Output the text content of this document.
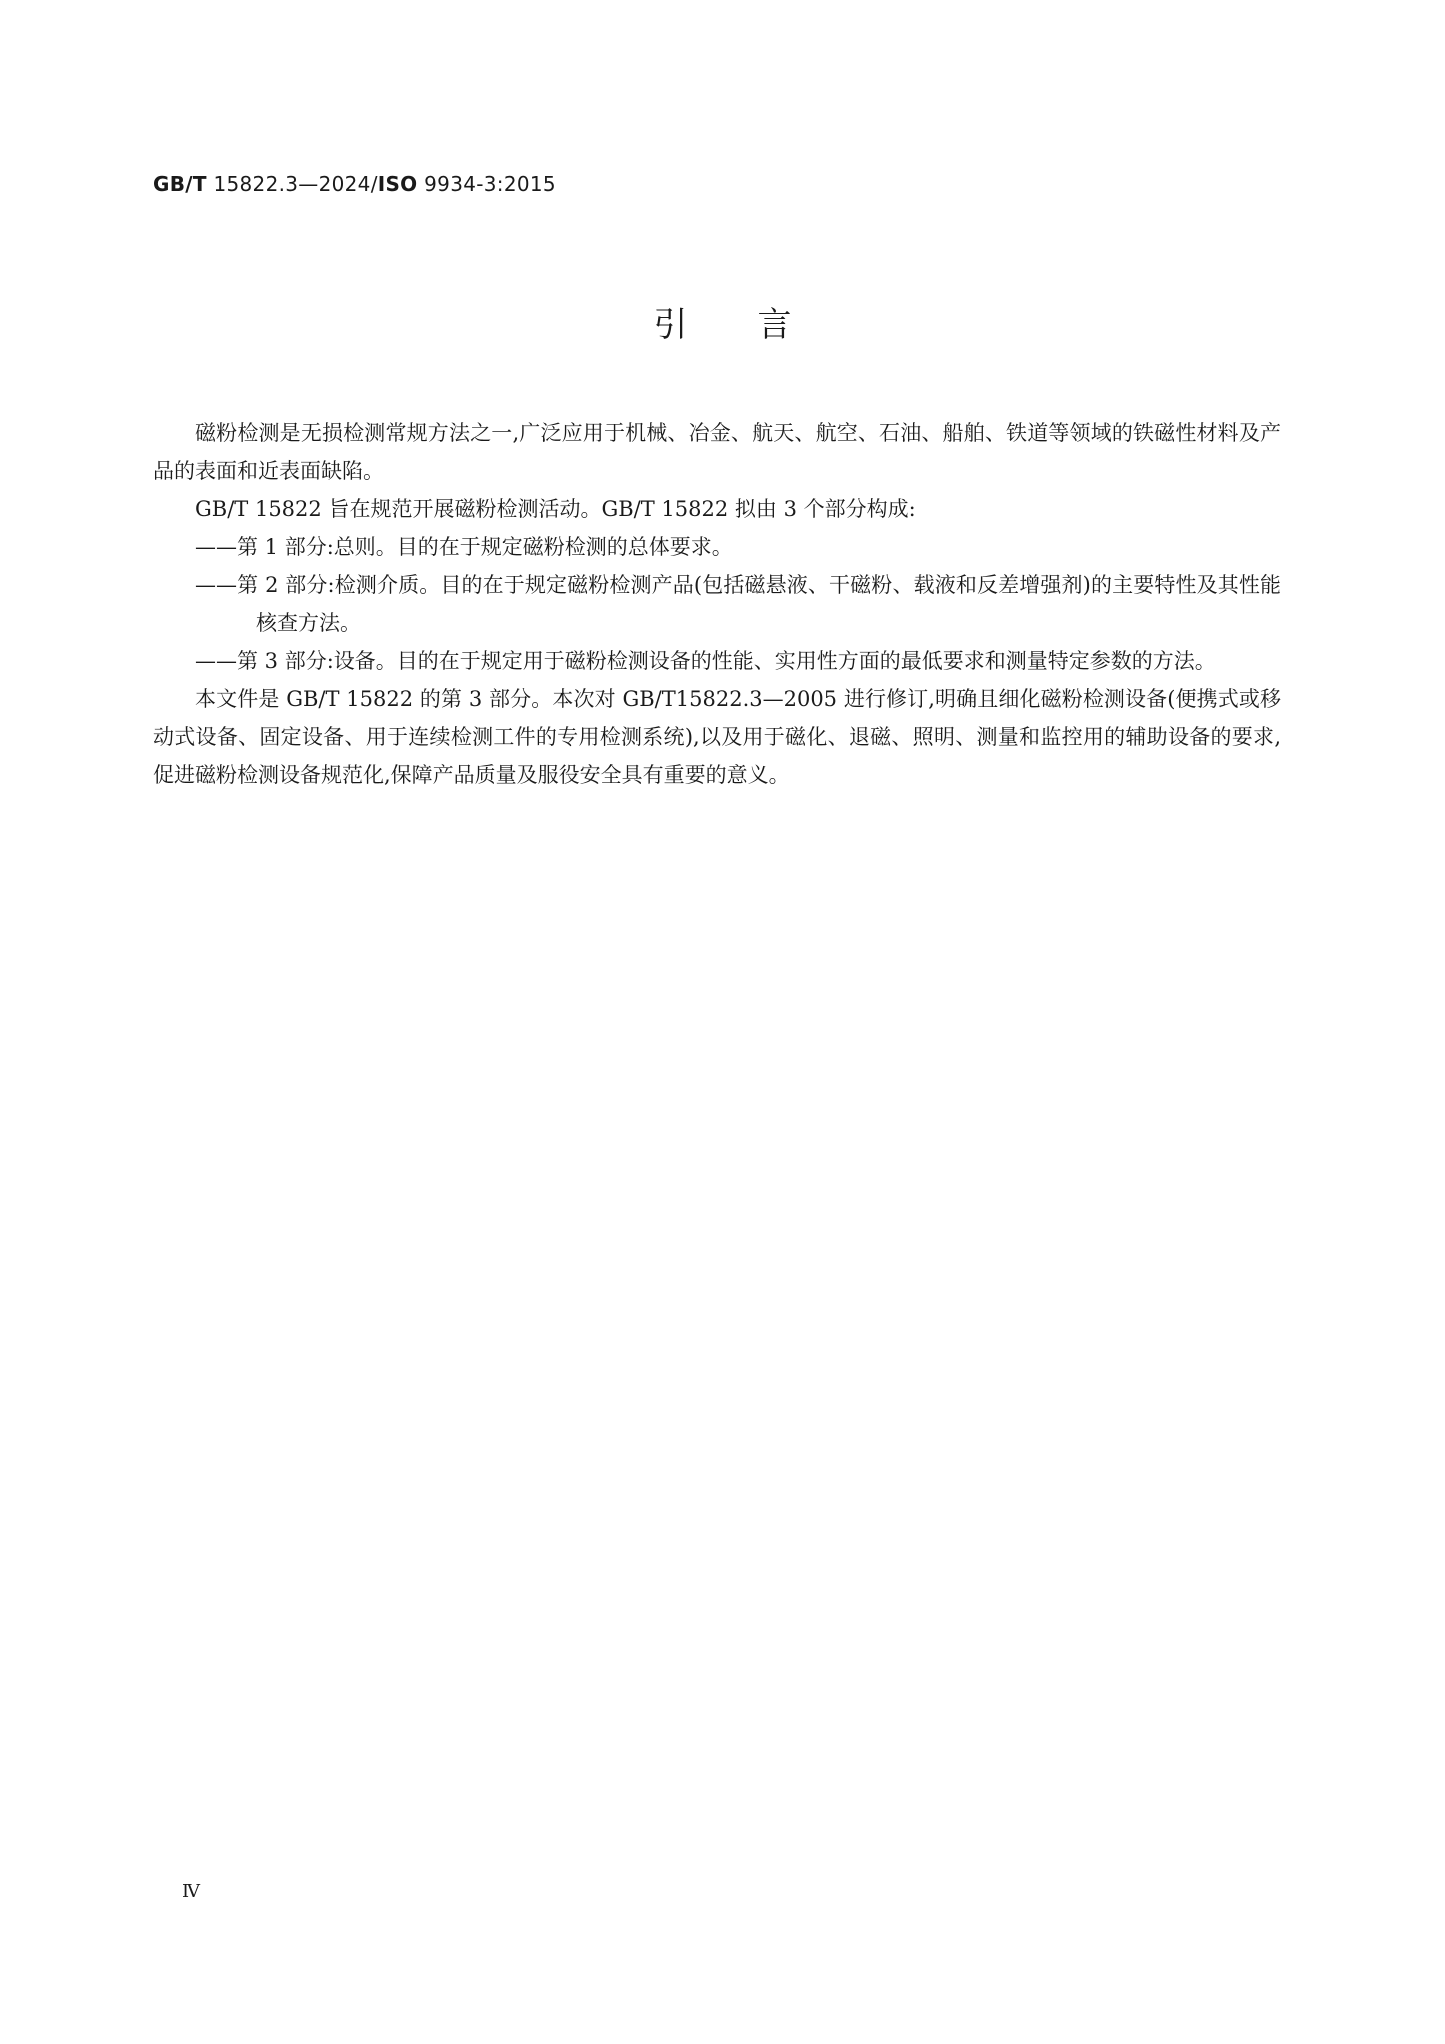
GB/T 15822.3—2024/ISO 9934-3:2015
引言

磁粉检测是无损检测常规方法之一,广泛应用于机械、冶金、航天、航空、石油、船舶、铁道等领域的铁磁性材料及产品的表面和近表面缺陷。

GB/T 15822 旨在规范开展磁粉检测活动。GB/T 15822 拟由 3 个部分构成:

——第 1 部分:总则。目的在于规定磁粉检测的总体要求。

——第 2 部分:检测介质。目的在于规定磁粉检测产品(包括磁悬液、干磁粉、载液和反差增强剂)的主要特性及其性能核查方法。

——第 3 部分:设备。目的在于规定用于磁粉检测设备的性能、实用性方面的最低要求和测量特定参数的方法。

本文件是 GB/T 15822 的第 3 部分。本次对 GB/T15822.3—2005 进行修订,明确且细化磁粉检测设备(便携式或移动式设备、固定设备、用于连续检测工件的专用检测系统),以及用于磁化、退磁、照明、测量和监控用的辅助设备的要求,促进磁粉检测设备规范化,保障产品质量及服役安全具有重要的意义。

Ⅳ
